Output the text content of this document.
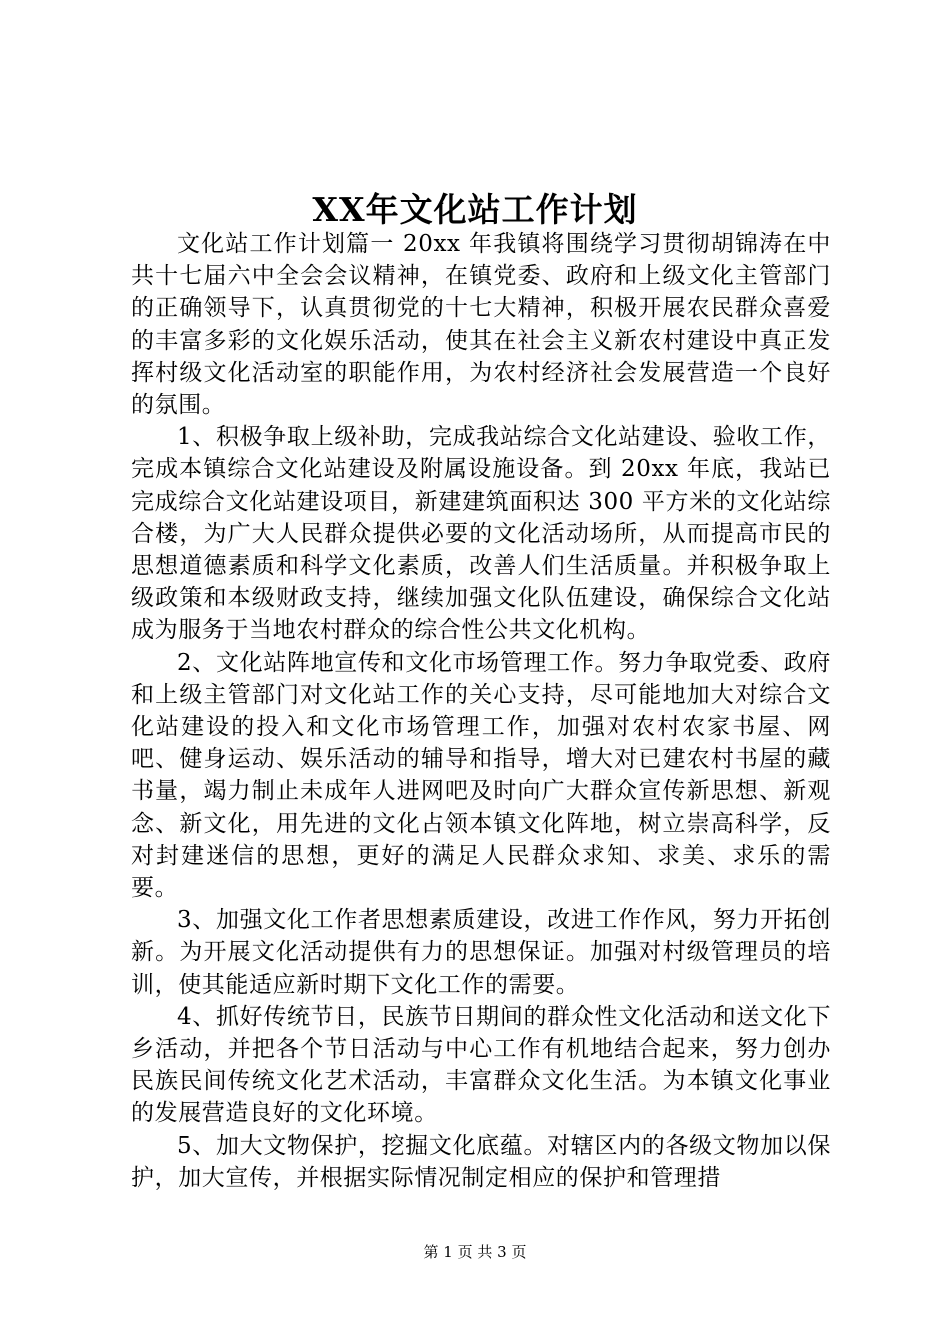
XX年文化站工作计划

文化站工作计划篇一 20xx 年我镇将围绕学习贯彻胡锦涛在中共十七届六中全会会议精神，在镇党委、政府和上级文化主管部门的正确领导下，认真贯彻党的十七大精神，积极开展农民群众喜爱的丰富多彩的文化娱乐活动，使其在社会主义新农村建设中真正发挥村级文化活动室的职能作用，为农村经济社会发展营造一个良好的氛围。

1、积极争取上级补助，完成我站综合文化站建设、验收工作，完成本镇综合文化站建设及附属设施设备。到 20xx 年底，我站已完成综合文化站建设项目，新建建筑面积达 300 平方米的文化站综合楼，为广大人民群众提供必要的文化活动场所，从而提高市民的思想道德素质和科学文化素质，改善人们生活质量。并积极争取上级政策和本级财政支持，继续加强文化队伍建设，确保综合文化站成为服务于当地农村群众的综合性公共文化机构。

2、文化站阵地宣传和文化市场管理工作。努力争取党委、政府和上级主管部门对文化站工作的关心支持，尽可能地加大对综合文化站建设的投入和文化市场管理工作，加强对农村农家书屋、网吧、健身运动、娱乐活动的辅导和指导，增大对已建农村书屋的藏书量，竭力制止未成年人进网吧及时向广大群众宣传新思想、新观念、新文化，用先进的文化占领本镇文化阵地，树立崇高科学，反对封建迷信的思想，更好的满足人民群众求知、求美、求乐的需要。

3、加强文化工作者思想素质建设，改进工作作风，努力开拓创新。为开展文化活动提供有力的思想保证。加强对村级管理员的培训，使其能适应新时期下文化工作的需要。

4、抓好传统节日，民族节日期间的群众性文化活动和送文化下乡活动，并把各个节日活动与中心工作有机地结合起来，努力创办民族民间传统文化艺术活动，丰富群众文化生活。为本镇文化事业的发展营造良好的文化环境。

5、加大文物保护，挖掘文化底蕴。对辖区内的各级文物加以保护，加大宣传，并根据实际情况制定相应的保护和管理措

第 1 页 共 3 页
